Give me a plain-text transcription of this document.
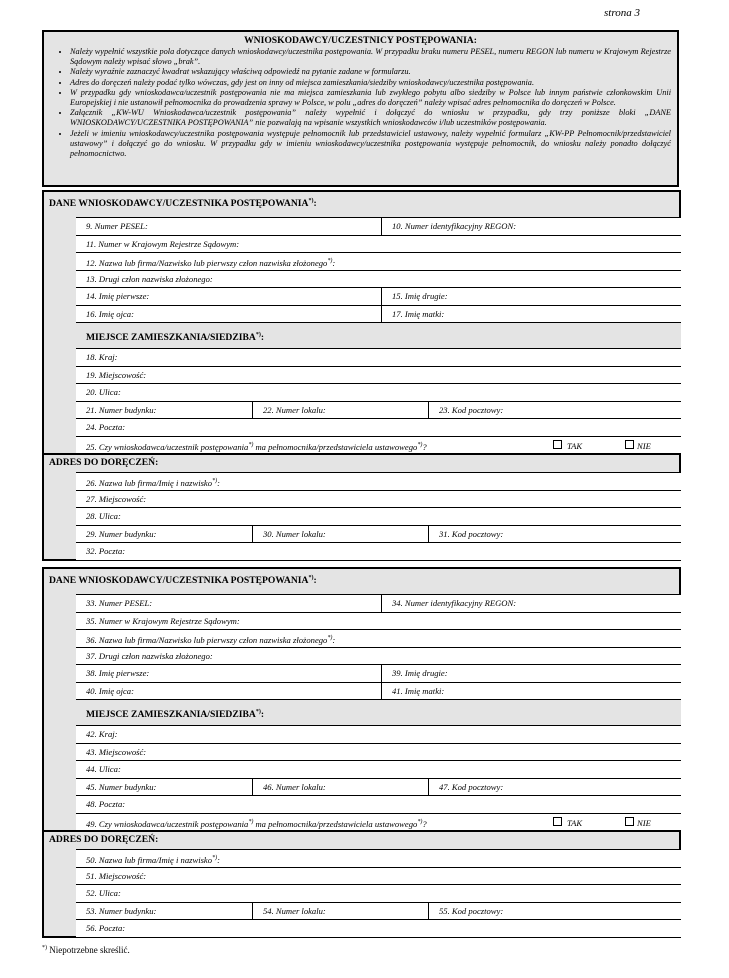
strona 3
WNIOSKODAWCY/UCZESTNICY POSTĘPOWANIA:
• Należy wypełnić wszystkie pola dotyczące danych wnioskodawcy/uczestnika postępowania. W przypadku braku numeru PESEL, numeru REGON lub numeru w Krajowym Rejestrze Sądowym należy wpisać słowo „brak”.
• Należy wyraźnie zaznaczyć kwadrat wskazujący właściwą odpowiedź na pytanie zadane w formularzu.
• Adres do doręczeń należy podać tylko wówczas, gdy jest on inny od miejsca zamieszkania/siedziby wnioskodawcy/uczestnika postępowania.
• W przypadku gdy wnioskodawca/uczestnik postępowania nie ma miejsca zamieszkania lub zwykłego pobytu albo siedziby w Polsce lub innym państwie członkowskim Unii Europejskiej i nie ustanowił pełnomocnika do prowadzenia sprawy w Polsce, w polu „adres do doręczeń” należy wpisać adres pełnomocnika do doręczeń w Polsce.
• Załącznik „KW-WU Wnioskodawca/uczestnik postępowania” należy wypełnić i dołączyć do wniosku w przypadku, gdy trzy poniższe bloki „DANE WNIOSKODAWCY/UCZESTNIKA POSTĘPOWANIA” nie pozwalają na wpisanie wszystkich wnioskodawców i/lub uczestników postępowania.
• Jeżeli w imieniu wnioskodawcy/uczestnika postępowania występuje pełnomocnik lub przedstawiciel ustawowy, należy wypełnić formularz „KW-PP Pełnomocnik/przedstawiciel ustawowy” i dołączyć go do wniosku. W przypadku gdy w imieniu wnioskodawcy/uczestnika postępowania występuje pełnomocnik, do wniosku należy ponadto dołączyć pełnomocnictwo.
DANE WNIOSKODAWCY/UCZESTNIKA POSTĘPOWANIA*):
9. Numer PESEL:	10. Numer identyfikacyjny REGON:
11. Numer w Krajowym Rejestrze Sądowym:
12. Nazwa lub firma/Nazwisko lub pierwszy człon nazwiska złożonego*):
13. Drugi człon nazwiska złożonego:
14. Imię pierwsze:	15. Imię drugie:
16. Imię ojca:	17. Imię matki:
MIEJSCE ZAMIESZKANIA/SIEDZIBA*):
18. Kraj:
19. Miejscowość:
20. Ulica:
21. Numer budynku:	22. Numer lokalu:	23. Kod pocztowy:
24. Poczta:
25. Czy wnioskodawca/uczestnik postępowania*) ma pełnomocnika/przedstawiciela ustawowego*)?	TAK	NIE
ADRES DO DORĘCZEŃ:
26. Nazwa lub firma/Imię i nazwisko*):
27. Miejscowość:
28. Ulica:
29. Numer budynku:	30. Numer lokalu:	31. Kod pocztowy:
32. Poczta:
DANE WNIOSKODAWCY/UCZESTNIKA POSTĘPOWANIA*):
33. Numer PESEL:	34. Numer identyfikacyjny REGON:
35. Numer w Krajowym Rejestrze Sądowym:
36. Nazwa lub firma/Nazwisko lub pierwszy człon nazwiska złożonego*):
37. Drugi człon nazwiska złożonego:
38. Imię pierwsze:	39. Imię drugie:
40. Imię ojca:	41. Imię matki:
MIEJSCE ZAMIESZKANIA/SIEDZIBA*):
42. Kraj:
43. Miejscowość:
44. Ulica:
45. Numer budynku:	46. Numer lokalu:	47. Kod pocztowy:
48. Poczta:
49. Czy wnioskodawca/uczestnik postępowania*) ma pełnomocnika/przedstawiciela ustawowego*)?	TAK	NIE
ADRES DO DORĘCZEŃ:
50. Nazwa lub firma/Imię i nazwisko*):
51. Miejscowość:
52. Ulica:
53. Numer budynku:	54. Numer lokalu:	55. Kod pocztowy:
56. Poczta:
*) Niepotrzebne skreślić.
